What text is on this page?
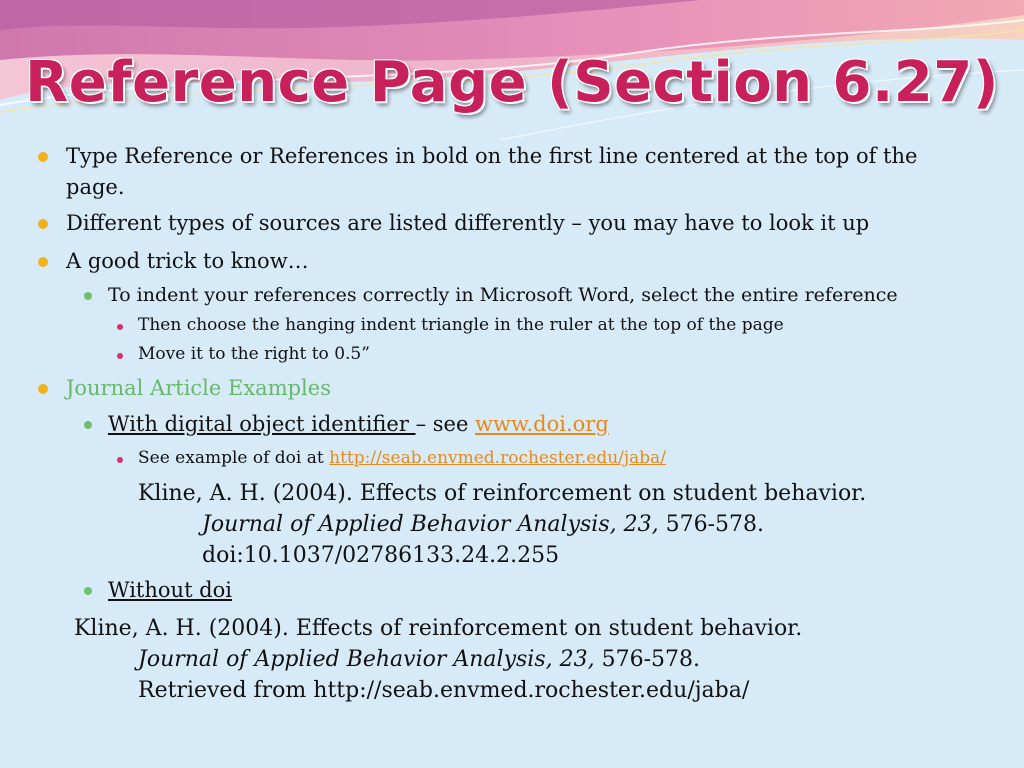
Reference Page (Section 6.27)
Type Reference or References in bold on the first line centered at the top of the
page.
Different types of sources are listed differently – you may have to look it up
A good trick to know…
To indent your references correctly in Microsoft Word, select the entire reference
Then choose the hanging indent triangle in the ruler at the top of the page
Move it to the right to 0.5”
Journal Article Examples
With digital object identifier – see www.doi.org
See example of doi at http://seab.envmed.rochester.edu/jaba/
Kline, A. H. (2004). Effects of reinforcement on student behavior.
Journal of Applied Behavior Analysis, 23, 576-578.
doi:10.1037/02786133.24.2.255
Without doi
Kline, A. H. (2004). Effects of reinforcement on student behavior.
Journal of Applied Behavior Analysis, 23, 576-578.
Retrieved from http://seab.envmed.rochester.edu/jaba/
